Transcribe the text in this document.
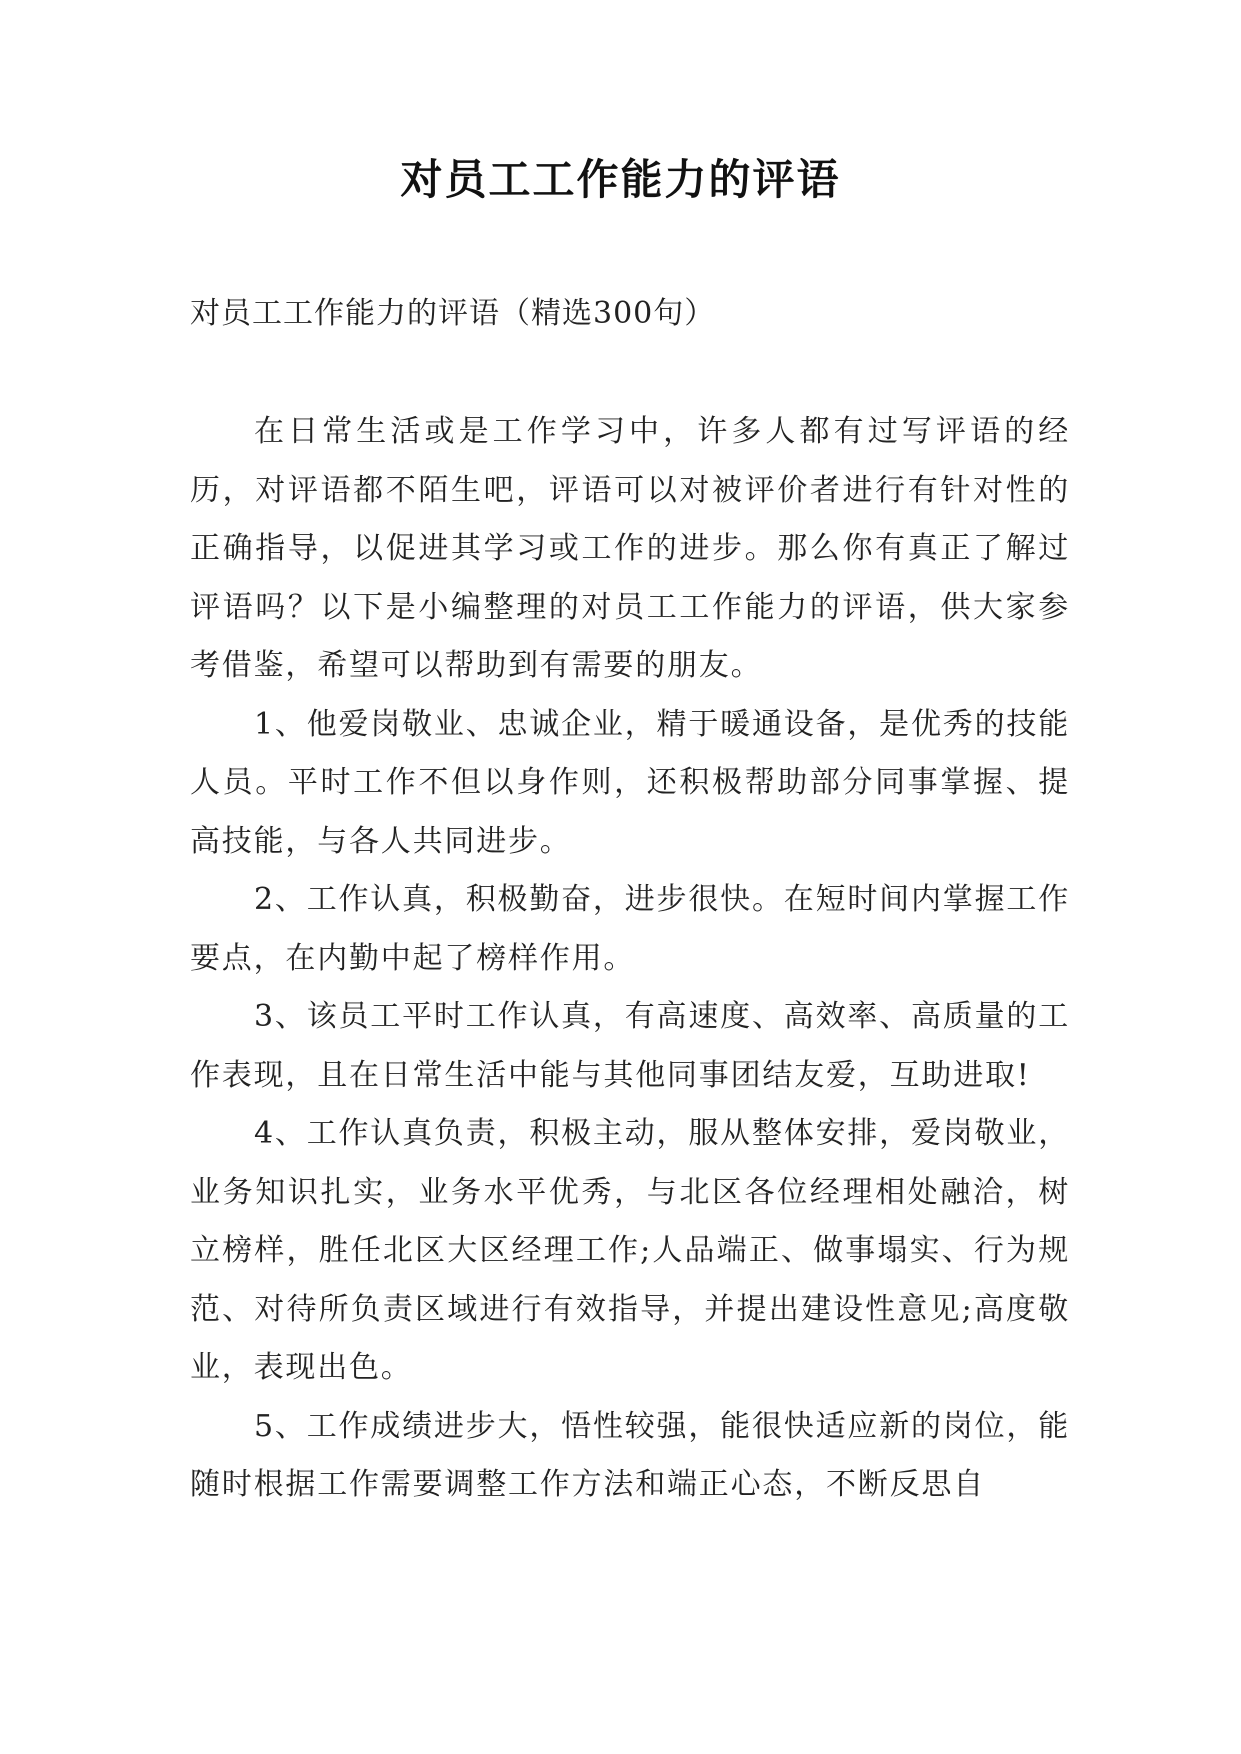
对员工工作能力的评语
对员工工作能力的评语（精选300句）

在日常生活或是工作学习中，许多人都有过写评语的经历，对评语都不陌生吧，评语可以对被评价者进行有针对性的正确指导，以促进其学习或工作的进步。那么你有真正了解过评语吗？以下是小编整理的对员工工作能力的评语，供大家参考借鉴，希望可以帮助到有需要的朋友。

1、他爱岗敬业、忠诚企业，精于暖通设备，是优秀的技能人员。平时工作不但以身作则，还积极帮助部分同事掌握、提高技能，与各人共同进步。

2、工作认真，积极勤奋，进步很快。在短时间内掌握工作要点，在内勤中起了榜样作用。

3、该员工平时工作认真，有高速度、高效率、高质量的工作表现，且在日常生活中能与其他同事团结友爱，互助进取!

4、工作认真负责，积极主动，服从整体安排，爱岗敬业，业务知识扎实，业务水平优秀，与北区各位经理相处融洽，树立榜样，胜任北区大区经理工作;人品端正、做事塌实、行为规范、对待所负责区域进行有效指导，并提出建设性意见;高度敬业，表现出色。

5、工作成绩进步大，悟性较强，能很快适应新的岗位，能随时根据工作需要调整工作方法和端正心态，不断反思自
